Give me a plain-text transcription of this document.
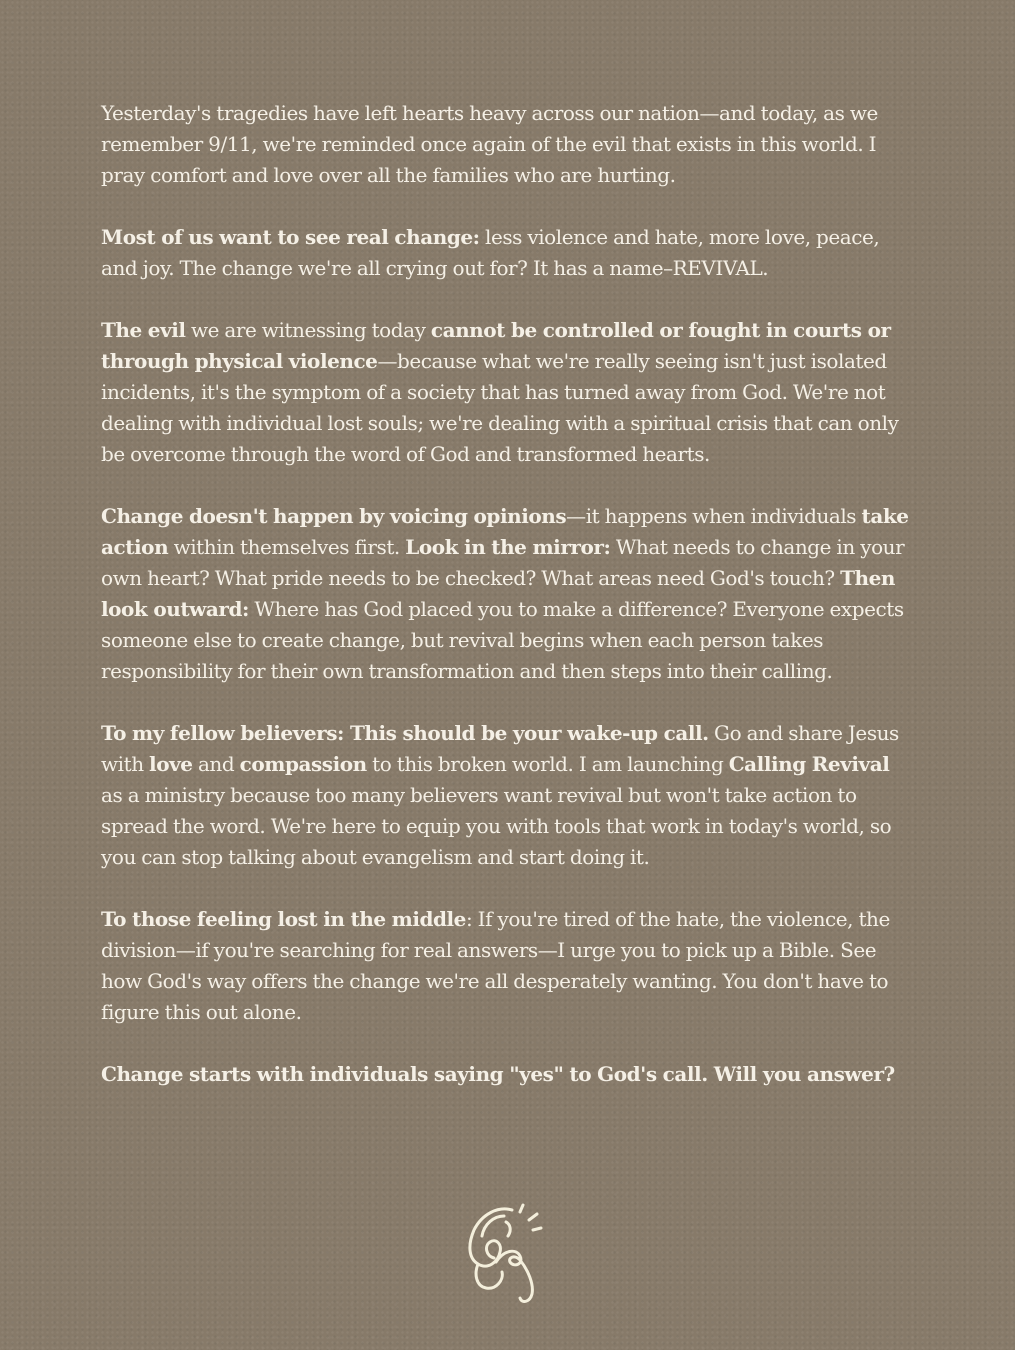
Yesterday's tragedies have left hearts heavy across our nation—and today, as we remember 9/11, we're reminded once again of the evil that exists in this world. I pray comfort and love over all the families who are hurting.

Most of us want to see real change: less violence and hate, more love, peace, and joy. The change we're all crying out for? It has a name–REVIVAL.

The evil we are witnessing today cannot be controlled or fought in courts or through physical violence—because what we're really seeing isn't just isolated incidents, it's the symptom of a society that has turned away from God. We're not dealing with individual lost souls; we're dealing with a spiritual crisis that can only be overcome through the word of God and transformed hearts.

Change doesn't happen by voicing opinions—it happens when individuals take action within themselves first. Look in the mirror: What needs to change in your own heart? What pride needs to be checked? What areas need God's touch? Then look outward: Where has God placed you to make a difference? Everyone expects someone else to create change, but revival begins when each person takes responsibility for their own transformation and then steps into their calling.

To my fellow believers: This should be your wake-up call. Go and share Jesus with love and compassion to this broken world. I am launching Calling Revival as a ministry because too many believers want revival but won't take action to spread the word. We're here to equip you with tools that work in today's world, so you can stop talking about evangelism and start doing it.

To those feeling lost in the middle: If you're tired of the hate, the violence, the division—if you're searching for real answers—I urge you to pick up a Bible. See how God's way offers the change we're all desperately wanting. You don't have to figure this out alone.

Change starts with individuals saying "yes" to God's call. Will you answer?
